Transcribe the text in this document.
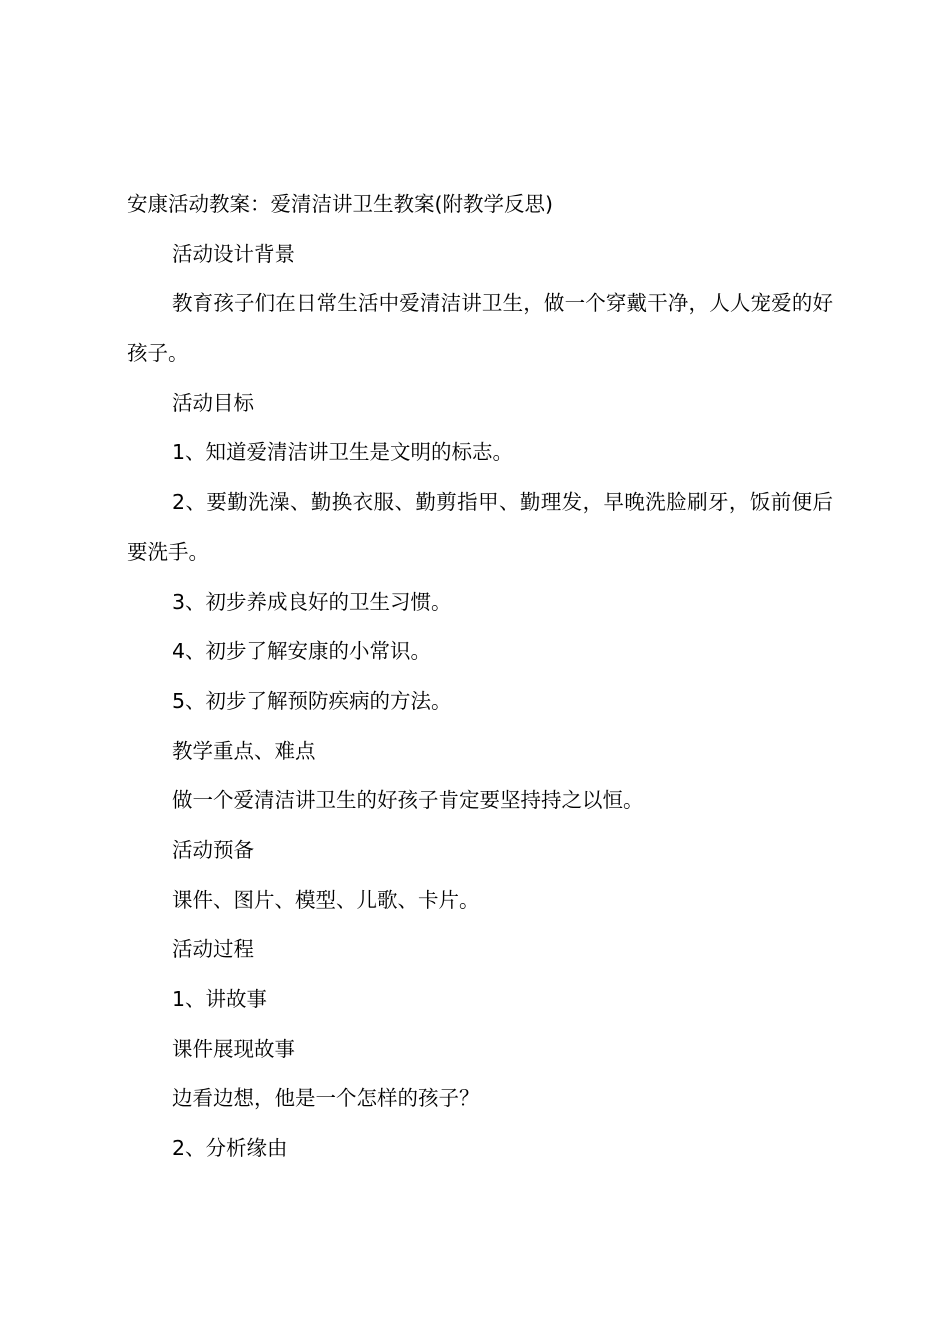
安康活动教案：爱清洁讲卫生教案(附教学反思)
活动设计背景
教育孩子们在日常生活中爱清洁讲卫生，做一个穿戴干净，人人宠爱的好孩子。
活动目标
1、知道爱清洁讲卫生是文明的标志。
2、要勤洗澡、勤换衣服、勤剪指甲、勤理发，早晚洗脸刷牙，饭前便后要洗手。
3、初步养成良好的卫生习惯。
4、初步了解安康的小常识。
5、初步了解预防疾病的方法。
教学重点、难点
做一个爱清洁讲卫生的好孩子肯定要坚持持之以恒。
活动预备
课件、图片、模型、儿歌、卡片。
活动过程
1、讲故事
课件展现故事
边看边想，他是一个怎样的孩子？
2、分析缘由
